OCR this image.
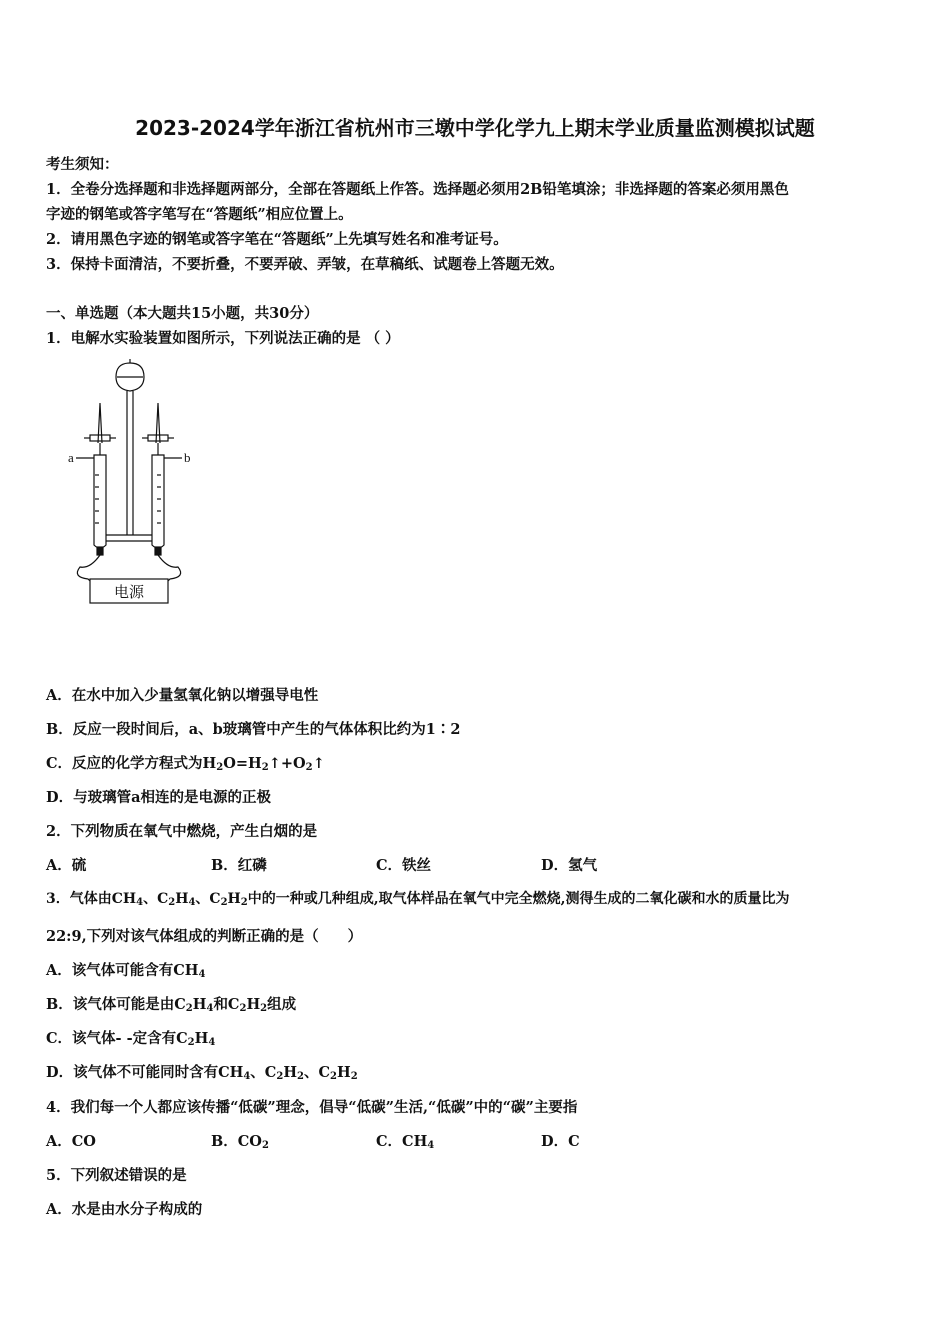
2023-2024学年浙江省杭州市三墩中学化学九上期末学业质量监测模拟试题
考生须知：
1．全卷分选择题和非选择题两部分，全部在答题纸上作答。选择题必须用2B铅笔填涂；非选择题的答案必须用黑色
字迹的钢笔或答字笔写在“答题纸”相应位置上。
2．请用黑色字迹的钢笔或答字笔在“答题纸”上先填写姓名和准考证号。
3．保持卡面清洁，不要折叠，不要弄破、弄皱，在草稿纸、试题卷上答题无效。
一、单选题（本大题共15小题，共30分）
1．电解水实验装置如图所示，下列说法正确的是 （ ）
a	b
电源
A．在水中加入少量氢氧化钠以增强导电性
B．反应一段时间后，a、b玻璃管中产生的气体体积比约为1∶2
C．反应的化学方程式为$H_2O=H_2↑+O_2↑$
D．与玻璃管a相连的是电源的正极
2．下列物质在氧气中燃烧，产生白烟的是
A．硫	B．红磷	C．铁丝	D．氢气
3．气体由$CH_4$、$C_2H_4$、$C_2H_2$中的一种或几种组成,取气体样品在氧气中完全燃烧,测得生成的二氧化碳和水的质量比为
22:9,下列对该气体组成的判断正确的是（　　）
A．该气体可能含有$CH_4$
B．该气体可能是由$C_2H_4$和$C_2H_2$组成
C．该气体- -定含有$C_2H_4$
D．该气体不可能同时含有$CH_4$、$C_2H_2$、$C_2H_2$
4．我们每一个人都应该传播“低碳”理念，倡导“低碳”生活,“低碳”中的“碳”主要指
A．CO	B．$CO_2$	C．$CH_4$	D．C
5．下列叙述错误的是
A．水是由水分子构成的
